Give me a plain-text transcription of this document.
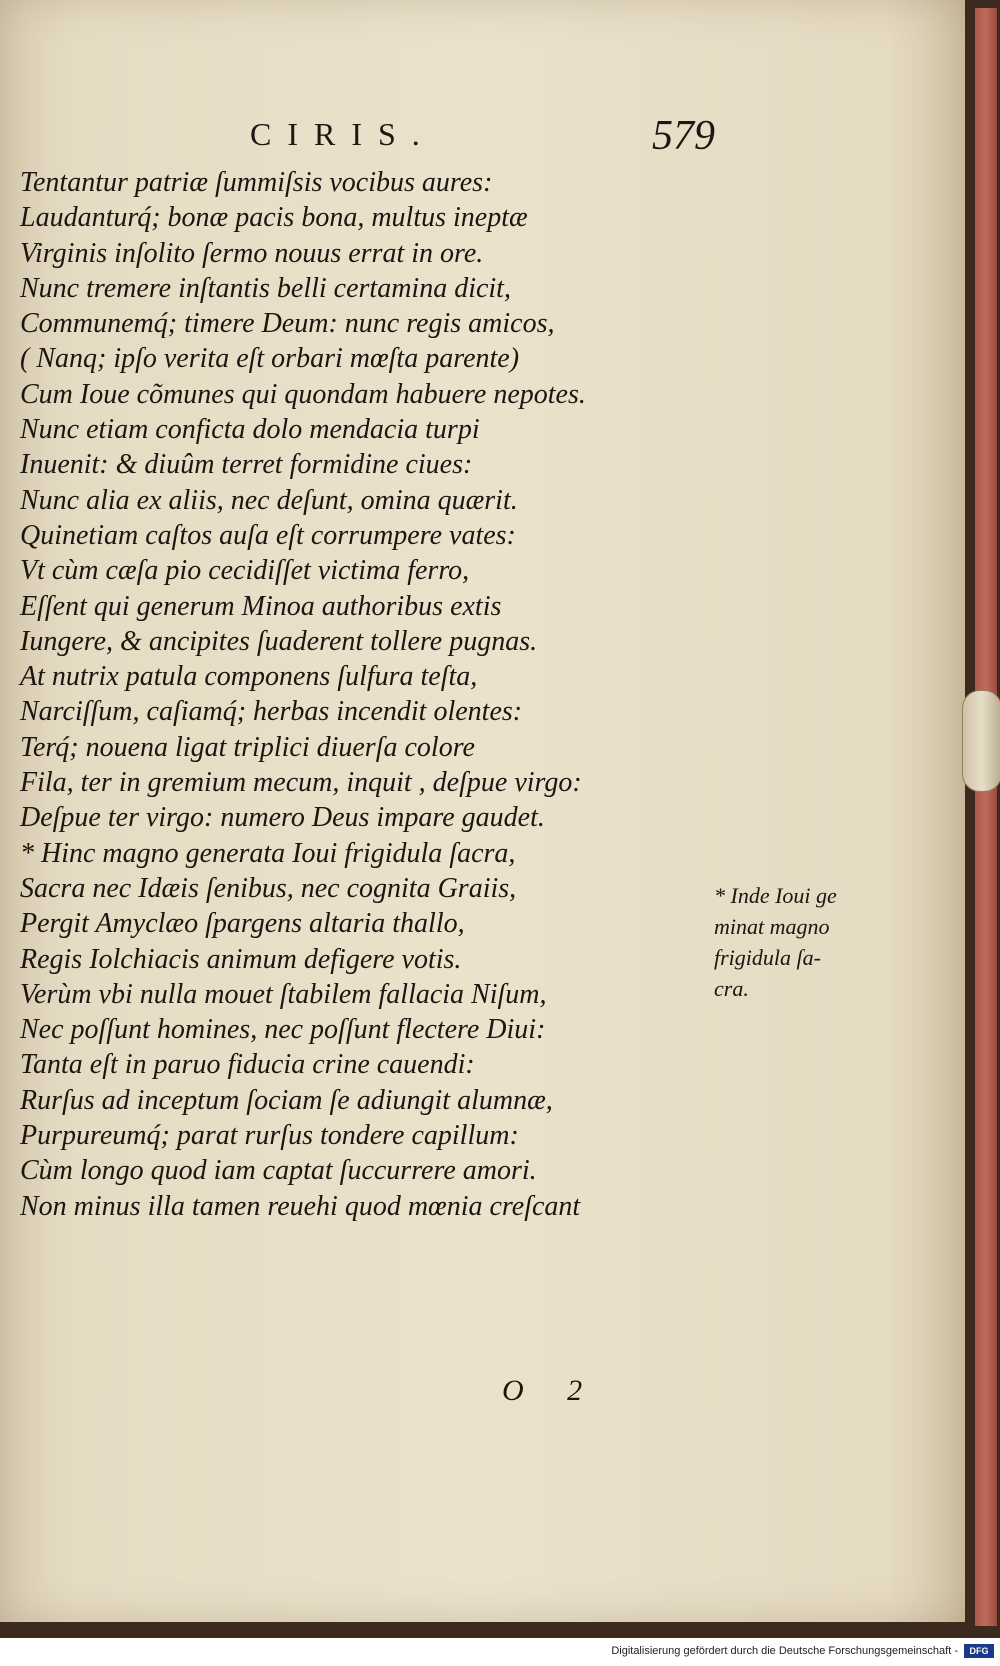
CIRIS.	579
Tentantur patriæ ſummiſsis vocibus aures:
Laudanturq́; bonæ pacis bona, multus ineptæ
Virginis inſolito ſermo nouus errat in ore.
Nunc tremere inſtantis belli certamina dicit,
Communemq́; timere Deum: nunc regis amicos,
( Nanq; ipſo verita eſt orbari mœſta parente)
Cum Ioue cõmunes qui quondam habuere nepotes.
Nunc etiam conficta dolo mendacia turpi
Inuenit: & diuûm terret formidine ciues:
Nunc alia ex aliis, nec deſunt, omina quærit.
Quinetiam caſtos auſa eſt corrumpere vates:
Vt cùm cæſa pio cecidiſſet victima ferro,
Eſſent qui generum Minoa authoribus extis
Iungere, & ancipites ſuaderent tollere pugnas.
At nutrix patula componens ſulfura teſta,
Narciſſum, caſiamq́; herbas incendit olentes:
Terq́; nouena ligat triplici diuerſa colore
Fila, ter in gremium mecum, inquit , deſpue virgo:
Deſpue ter virgo: numero Deus impare gaudet.
* Hinc magno generata Ioui frigidula ſacra,
Sacra nec Idæis ſenibus, nec cognita Graiis,
Pergit Amyclæo ſpargens altaria thallo,
Regis Iolchiacis animum defigere votis.
Verùm vbi nulla mouet ſtabilem fallacia Niſum,
Nec poſſunt homines, nec poſſunt flectere Diui:
Tanta eſt in paruo fiducia crine cauendi:
Rurſus ad inceptum ſociam ſe adiungit alumnæ,
Purpureumq́; parat rurſus tondere capillum:
Cùm longo quod iam captat ſuccurrere amori.
Non minus illa tamen reuehi quod mœnia creſcant
* Inde Ioui ge
minat magno
frigidula ſa-
cra.
O 2
Digitalisierung gefördert durch die Deutsche Forschungsgemeinschaft -	DFG
